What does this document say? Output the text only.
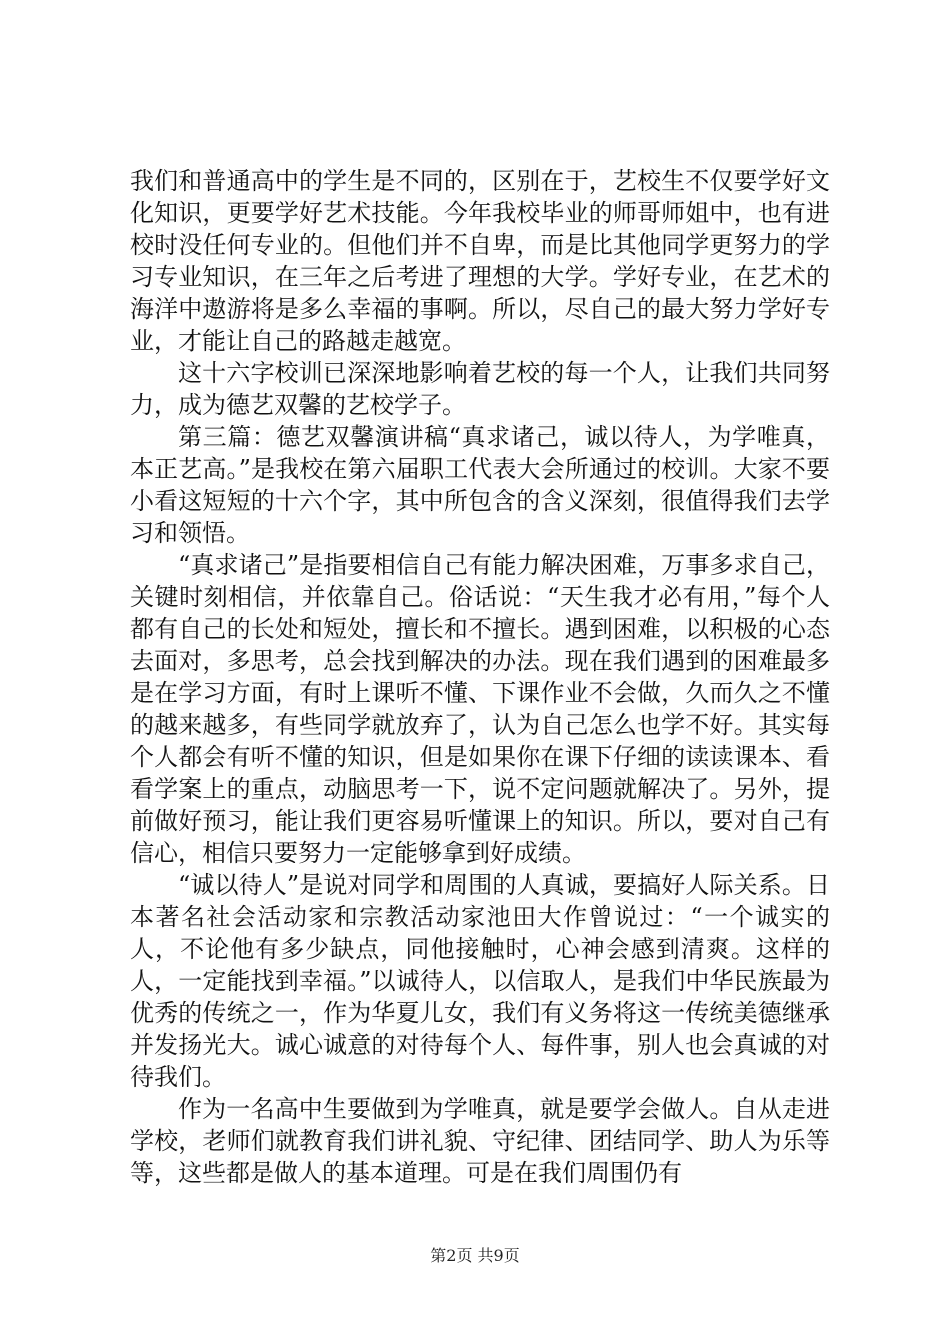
我们和普通高中的学生是不同的，区别在于，艺校生不仅要学好文化知识，更要学好艺术技能。今年我校毕业的师哥师姐中，也有进校时没任何专业的。但他们并不自卑，而是比其他同学更努力的学习专业知识，在三年之后考进了理想的大学。学好专业，在艺术的海洋中遨游将是多么幸福的事啊。所以，尽自己的最大努力学好专业，才能让自己的路越走越宽。

这十六字校训已深深地影响着艺校的每一个人，让我们共同努力，成为德艺双馨的艺校学子。

第三篇：德艺双馨演讲稿“真求诸己，诚以待人，为学唯真，本正艺高。”是我校在第六届职工代表大会所通过的校训。大家不要小看这短短的十六个字，其中所包含的含义深刻，很值得我们去学习和领悟。

“真求诸己”是指要相信自己有能力解决困难，万事多求自己，关键时刻相信，并依靠自己。俗话说：“天生我才必有用，”每个人都有自己的长处和短处，擅长和不擅长。遇到困难，以积极的心态去面对，多思考，总会找到解决的办法。现在我们遇到的困难最多是在学习方面，有时上课听不懂、下课作业不会做，久而久之不懂的越来越多，有些同学就放弃了，认为自己怎么也学不好。其实每个人都会有听不懂的知识，但是如果你在课下仔细的读读课本、看看学案上的重点，动脑思考一下，说不定问题就解决了。另外，提前做好预习，能让我们更容易听懂课上的知识。所以，要对自己有信心，相信只要努力一定能够拿到好成绩。

“诚以待人”是说对同学和周围的人真诚，要搞好人际关系。日本著名社会活动家和宗教活动家池田大作曾说过：“一个诚实的人，不论他有多少缺点，同他接触时，心神会感到清爽。这样的人，一定能找到幸福。”以诚待人，以信取人，是我们中华民族最为优秀的传统之一，作为华夏儿女，我们有义务将这一传统美德继承并发扬光大。诚心诚意的对待每个人、每件事，别人也会真诚的对待我们。

作为一名高中生要做到为学唯真，就是要学会做人。自从走进学校，老师们就教育我们讲礼貌、守纪律、团结同学、助人为乐等等，这些都是做人的基本道理。可是在我们周围仍有

第2页 共9页
